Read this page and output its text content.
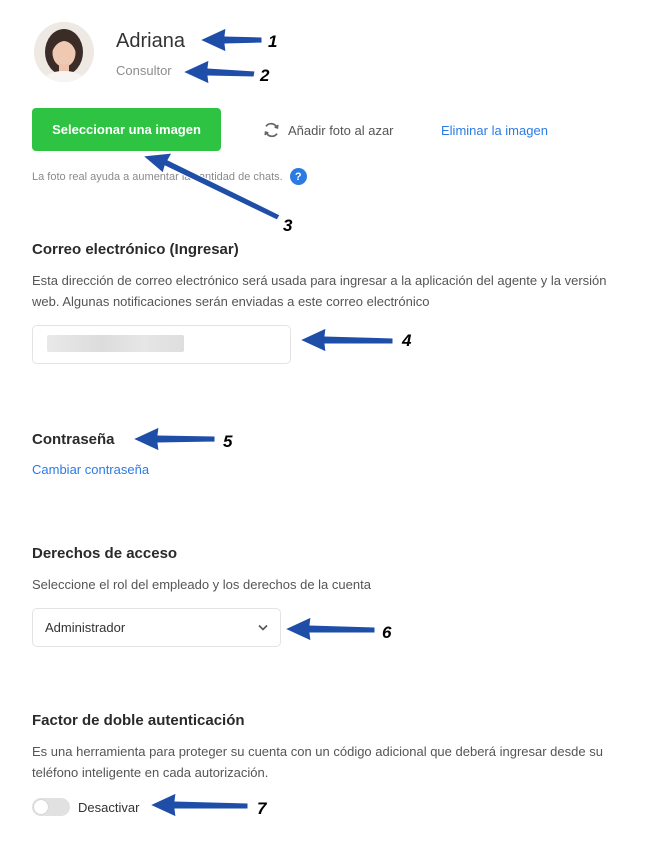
Adriana
Consultor
Seleccionar una imagen	Añadir foto al azar	Eliminar la imagen
La foto real ayuda a aumentar la cantidad de chats.	?
Correo electrónico (Ingresar)
Esta dirección de correo electrónico será usada para ingresar a la aplicación del agente y la versión
web. Algunas notificaciones serán enviadas a este correo electrónico
Contraseña
Cambiar contraseña
Derechos de acceso
Seleccione el rol del empleado y los derechos de la cuenta
Administrador
Factor de doble autenticación
Es una herramienta para proteger su cuenta con un código adicional que deberá ingresar desde su
teléfono inteligente en cada autorización.
Desactivar
1
2
3
4
5
6
7
